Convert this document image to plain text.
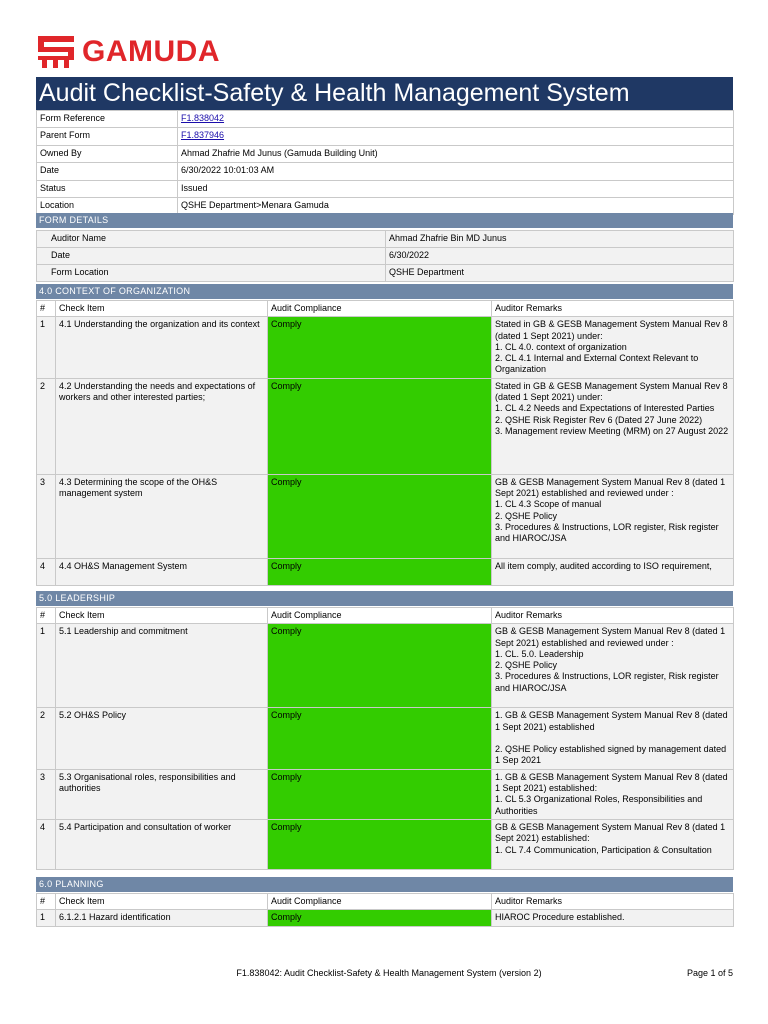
GAMUDA
Audit Checklist-Safety & Health Management System
Form Reference	F1.838042
Parent Form	F1.837946
Owned By	Ahmad Zhafrie Md Junus (Gamuda Building Unit)
Date	6/30/2022 10:01:03 AM
Status	Issued
Location	QSHE Department>Menara Gamuda
FORM DETAILS
Auditor Name	Ahmad Zhafrie Bin MD Junus
Date	6/30/2022
Form Location	QSHE Department
4.0 CONTEXT OF ORGANIZATION
#	Check Item	Audit Compliance	Auditor Remarks
1	4.1 Understanding the organization and its context	Comply	Stated in GB & GESB Management System Manual Rev 8 (dated 1 Sept 2021) under:
1. CL 4.0. context of organization
2. CL 4.1 Internal and External Context Relevant to Organization
2	4.2 Understanding the needs and expectations of workers and other interested parties;	Comply	Stated in GB & GESB Management System Manual Rev 8 (dated 1 Sept 2021) under:
1. CL 4.2 Needs and Expectations of Interested Parties
2. QSHE Risk Register Rev 6 (Dated 27 June 2022)
3. Management review Meeting (MRM) on 27 August 2022
3	4.3 Determining the scope of the OH&S management system	Comply	GB & GESB Management System Manual Rev 8 (dated 1 Sept 2021) established and reviewed under :
1. CL 4.3 Scope of manual
2. QSHE Policy
3. Procedures & Instructions, LOR register, Risk register and HIAROC/JSA
4	4.4 OH&S Management System	Comply	All item comply, audited according to ISO requirement,
5.0 LEADERSHIP
#	Check Item	Audit Compliance	Auditor Remarks
1	5.1 Leadership and commitment	Comply	GB & GESB Management System Manual Rev 8 (dated 1 Sept 2021) established and reviewed under :
1. CL. 5.0. Leadership
2. QSHE Policy
3. Procedures & Instructions, LOR register, Risk register and HIAROC/JSA
2	5.2 OH&S Policy	Comply	1. GB & GESB Management System Manual Rev 8 (dated 1 Sept 2021) established

2. QSHE Policy established signed by management dated 1 Sep 2021
3	5.3 Organisational roles, responsibilities and authorities	Comply	1. GB & GESB Management System Manual Rev 8 (dated 1 Sept 2021) established:
1. CL 5.3 Organizational Roles, Responsibilities and Authorities
4	5.4 Participation and consultation of worker	Comply	GB & GESB Management System Manual Rev 8 (dated 1 Sept 2021) established:
1. CL 7.4 Communication, Participation & Consultation
6.0 PLANNING
#	Check Item	Audit Compliance	Auditor Remarks
1	6.1.2.1 Hazard identification	Comply	HIAROC Procedure established.
F1.838042: Audit Checklist-Safety & Health Management System (version 2)	Page 1 of 5
